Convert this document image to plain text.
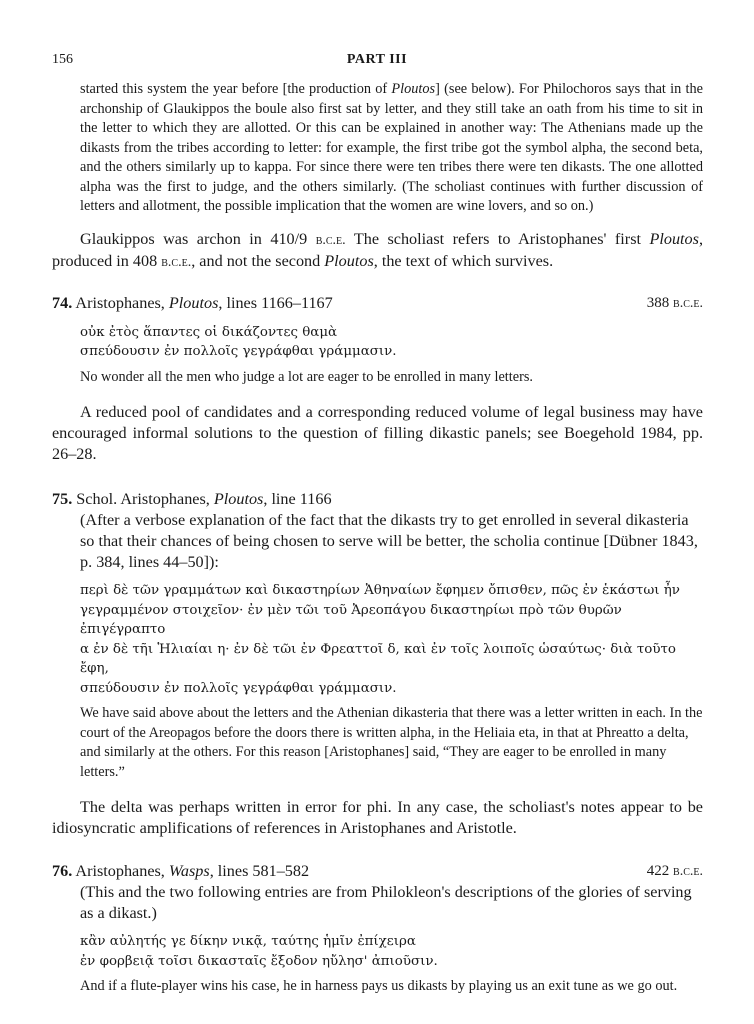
156	PART III

started this system the year before [the production of Ploutos] (see below). For Philochoros says that in the archonship of Glaukippos the boule also first sat by letter, and they still take an oath from his time to sit in the letter to which they are allotted. Or this can be explained in another way: The Athenians made up the dikasts from the tribes according to letter: for example, the first tribe got the symbol alpha, the second beta, and the others similarly up to kappa. For since there were ten tribes there were ten dikasts. The one allotted alpha was the first to judge, and the others similarly. (The scholiast continues with further discussion of letters and allotment, the possible implication that the women are wine lovers, and so on.)

Glaukippos was archon in 410/9 b.c.e. The scholiast refers to Aristophanes' first Ploutos, produced in 408 b.c.e., and not the second Ploutos, the text of which survives.

74. Aristophanes, Ploutos, lines 1166–1167	388 b.c.e.

οὐκ ἐτὸς ἅπαντες οἱ δικάζοντες θαμὰ

σπεύδουσιν ἐν πολλοῖς γεγράφθαι γράμμασιν.

No wonder all the men who judge a lot are eager to be enrolled in many letters.

A reduced pool of candidates and a corresponding reduced volume of legal business may have encouraged informal solutions to the question of filling dikastic panels; see Boegehold 1984, pp. 26–28.

75. Schol. Aristophanes, Ploutos, line 1166

(After a verbose explanation of the fact that the dikasts try to get enrolled in several dikasteria so that their chances of being chosen to serve will be better, the scholia continue [Dübner 1843, p. 384, lines 44–50]):

περὶ δὲ τῶν γραμμάτων καὶ δικαστηρίων Ἀθηναίων ἔφημεν ὄπισθεν, πῶς ἐν ἑκάστωι ἦν

γεγραμμένον στοιχεῖον· ἐν μὲν τῶι τοῦ Ἀρεοπάγου δικαστηρίωι πρὸ τῶν θυρῶν ἐπιγέγραπτο

α ἐν δὲ τῆι Ἡλιαίαι η· ἐν δὲ τῶι ἐν Φρεαττοῖ δ, καὶ ἐν τοῖς λοιποῖς ὡσαύτως· διὰ τοῦτο ἔφη,

σπεύδουσιν ἐν πολλοῖς γεγράφθαι γράμμασιν.

We have said above about the letters and the Athenian dikasteria that there was a letter written in each. In the court of the Areopagos before the doors there is written alpha, in the Heliaia eta, in that at Phreatto a delta, and similarly at the others. For this reason [Aristophanes] said, “They are eager to be enrolled in many letters.”

The delta was perhaps written in error for phi. In any case, the scholiast's notes appear to be idiosyncratic amplifications of references in Aristophanes and Aristotle.

76. Aristophanes, Wasps, lines 581–582	422 b.c.e.

(This and the two following entries are from Philokleon's descriptions of the glories of serving as a dikast.)

κἂν αὐλητής γε δίκην νικᾷ, ταύτης ἡμῖν ἐπίχειρα

ἐν φορβειᾷ τοῖσι δικασταῖς ἔξοδον ηὔλησ' ἀπιοῦσιν.

And if a flute-player wins his case, he in harness pays us dikasts by playing us an exit tune as we go out.
